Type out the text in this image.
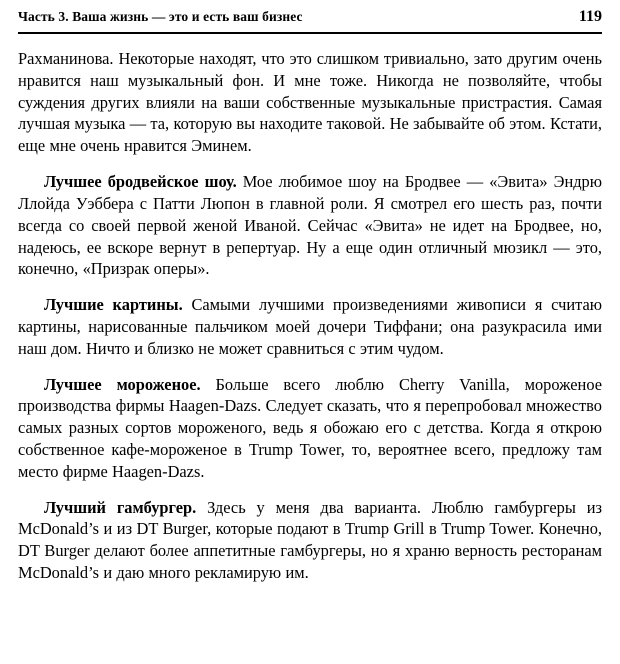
Часть 3. Ваша жизнь — это и есть ваш бизнес	119

Рахманинова. Некоторые находят, что это слишком тривиально, зато другим очень нравится наш музыкальный фон. И мне тоже. Никогда не позволяйте, чтобы суждения других влияли на ваши собственные музыкальные пристрастия. Самая лучшая музыка — та, которую вы находите таковой. Не забывайте об этом. Кстати, еще мне очень нравится Эминем.

Лучшее бродвейское шоу. Мое любимое шоу на Бродвее — «Эвита» Эндрю Ллойда Уэббера с Патти Люпон в главной роли. Я смотрел его шесть раз, почти всегда со своей первой женой Иваной. Сейчас «Эвита» не идет на Бродвее, но, надеюсь, ее вскоре вернут в репертуар. Ну а еще один отличный мюзикл — это, конечно, «Призрак оперы».

Лучшие картины. Самыми лучшими произведениями живописи я считаю картины, нарисованные пальчиком моей дочери Тиффани; она разукрасила ими наш дом. Ничто и близко не может сравниться с этим чудом.

Лучшее мороженое. Больше всего люблю Cherry Vanilla, мороженое производства фирмы Haagen-Dazs. Следует сказать, что я перепробовал множество самых разных сортов мороженого, ведь я обожаю его с детства. Когда я открою собственное кафе-мороженое в Trump Tower, то, вероятнее всего, предложу там место фирме Haagen-Dazs.

Лучший гамбургер. Здесь у меня два варианта. Люблю гамбургеры из McDonald’s и из DT Burger, которые подают в Trump Grill в Trump Tower. Конечно, DT Burger делают более аппетитные гамбургеры, но я храню верность ресторанам McDonald’s и даю много рекламирую им.
